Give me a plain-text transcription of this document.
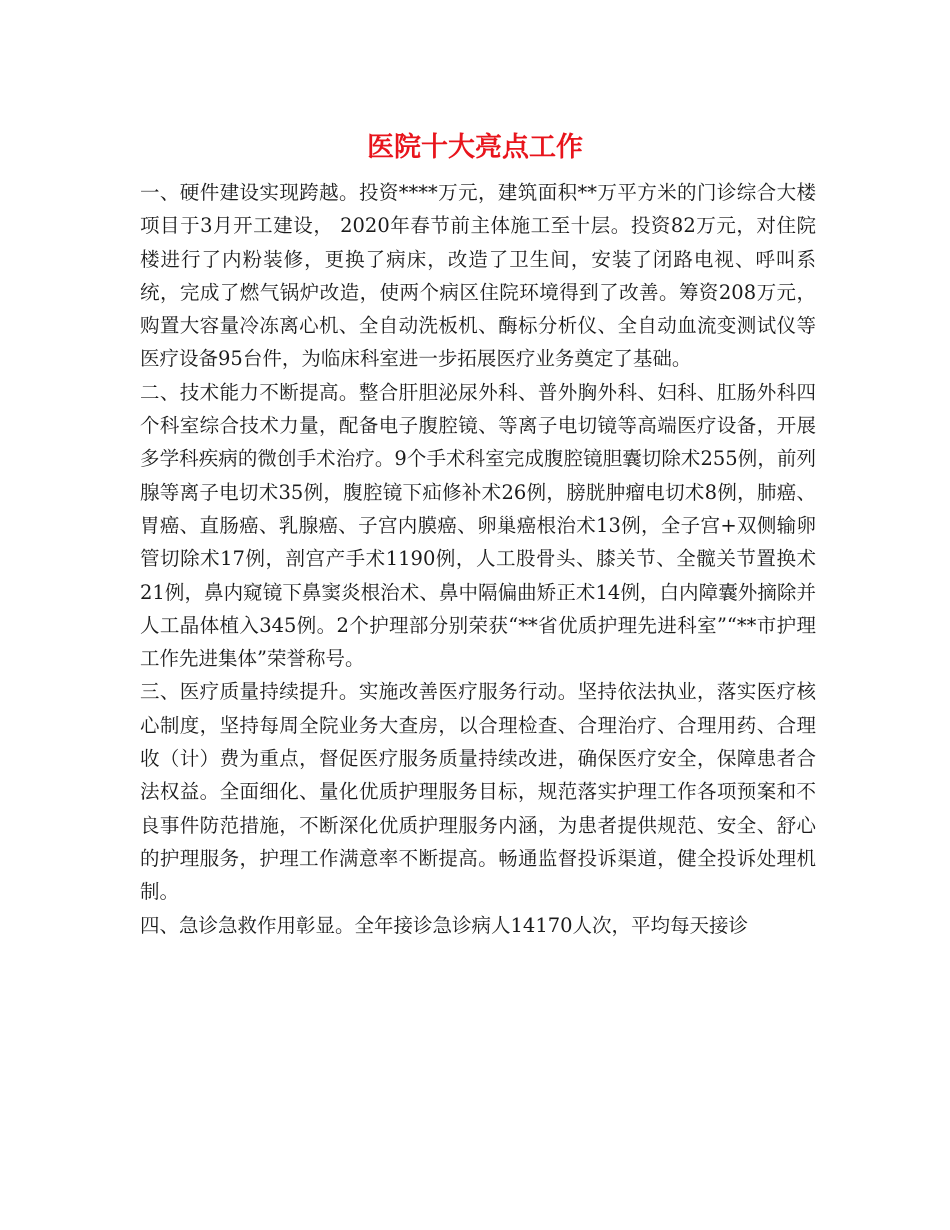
医院十大亮点工作

一、硬件建设实现跨越。投资****万元，建筑面积**万平方米的门诊综合大楼项目于3月开工建设， 2020年春节前主体施工至十层。投资82万元，对住院楼进行了内粉装修，更换了病床，改造了卫生间，安装了闭路电视、呼叫系统，完成了燃气锅炉改造，使两个病区住院环境得到了改善。筹资208万元，购置大容量冷冻离心机、全自动洗板机、酶标分析仪、全自动血流变测试仪等医疗设备95台件，为临床科室进一步拓展医疗业务奠定了基础。

二、技术能力不断提高。整合肝胆泌尿外科、普外胸外科、妇科、肛肠外科四个科室综合技术力量，配备电子腹腔镜、等离子电切镜等高端医疗设备，开展多学科疾病的微创手术治疗。9个手术科室完成腹腔镜胆囊切除术255例，前列腺等离子电切术35例，腹腔镜下疝修补术26例，膀胱肿瘤电切术8例，肺癌、胃癌、直肠癌、乳腺癌、子宫内膜癌、卵巢癌根治术13例，全子宫+双侧输卵管切除术17例，剖宫产手术1190例，人工股骨头、膝关节、全髋关节置换术21例，鼻内窥镜下鼻窦炎根治术、鼻中隔偏曲矫正术14例，白内障囊外摘除并人工晶体植入345例。2个护理部分别荣获“**省优质护理先进科室”“**市护理工作先进集体”荣誉称号。

三、医疗质量持续提升。实施改善医疗服务行动。坚持依法执业，落实医疗核心制度，坚持每周全院业务大查房，以合理检查、合理治疗、合理用药、合理收（计）费为重点，督促医疗服务质量持续改进，确保医疗安全，保障患者合法权益。全面细化、量化优质护理服务目标，规范落实护理工作各项预案和不良事件防范措施，不断深化优质护理服务内涵，为患者提供规范、安全、舒心的护理服务，护理工作满意率不断提高。畅通监督投诉渠道，健全投诉处理机制。

四、急诊急救作用彰显。全年接诊急诊病人14170人次，平均每天接诊
